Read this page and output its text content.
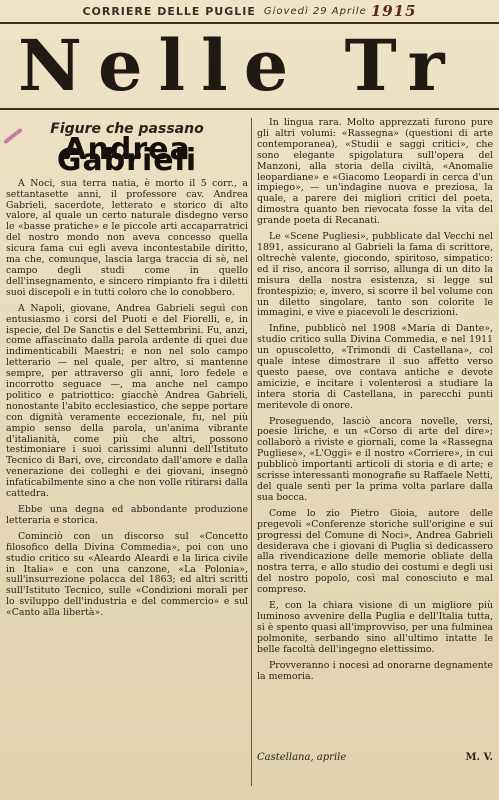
CORRIERE DELLE PUGLIE Giovedì 29 Aprile 1915
Nelle Tr
Figure che passano
Andrea Gabrieli

A Noci, sua terra natia, è morto il 5 corr., a settantasette anni, il professore cav. Andrea Gabrieli, sacerdote, letterato e storico di alto valore, al quale un certo naturale disdegno verso le «basse pratiche» e le piccole arti accaparratrici del nostro mondo non aveva concesso quella sicura fama cui egli aveva incontestabile diritto, ma che, comunque, lascia larga traccia di sè, nel campo degli studi come in quello dell'insegnamento, e sincero rimpianto fra i diletti suoi discepoli e in tutti coloro che lo conobbero.

A Napoli, giovane, Andrea Gabrieli seguì con entusiasmo i corsi del Puoti e del Fiorelli, e, in ispecie, del De Sanctis e del Settembrini. Fu, anzi, come affascinato dalla parola ardente di quei due indimenticabili Maestri; e non nel solo campo letterario — nel quale, per altro, si mantenne sempre, per attraverso gli anni, loro fedele e incorrotto seguace —, ma anche nel campo politico e patriottico: giacchè Andrea Gabrieli, nonostante l'abito ecclesiastico, che seppe portare con dignità veramente eccezionale, fu, nel più ampio senso della parola, un'anima vibrante d'italianità, come più che altri, possono testimoniare i suoi carissimi alunni dell'Istituto Tecnico di Bari, ove, circondato dall'amore e dalla venerazione dei colleghi e dei giovani, insegnò infaticabilmente sino a che non volle ritirarsi dalla cattedra.

Ebbe una degna ed abbondante produzione letteraria e storica.

Cominciò con un discorso sul «Concetto filosofico della Divina Commedia», poi con uno studio critico su «Aleardo Aleardi e la lirica civile in Italia» e con una canzone, «La Polonia», sull'insurrezione polacca del 1863; ed altri scritti sull'Istituto Tecnico, sulle «Condizioni morali per lo sviluppo dell'industria e del commercio» e sul «Canto alla libertà».

In lingua rara. Molto apprezzati furono pure gli altri volumi: «Rassegna» (questioni di arte contemporanea), «Studii e saggi critici», che sono elegante spigolatura sull'opera del Manzoni, alla storia della civiltà, «Anomalie leopardiane» e «Giacomo Leopardi in cerca d'un impiego», — un'indagine nuova e preziosa, la quale, a parere dei migliori critici del poeta, dimostra quanto ben rievocata fosse la vita del grande poeta di Recanati.

Le «Scene Pugliesi», pubblicate dal Vecchi nel 1891, assicurano al Gabrieli la fama di scrittore, oltrechè valente, giocondo, spiritoso, simpatico: ed il riso, ancora il sorriso, allunga di un dito la misura della nostra esistenza, si legge sul frontespizio; e, invero, si scorre il bel volume con un diletto singolare, tanto son colorite le immagini, e vive e piacevoli le descrizioni.

Infine, pubblicò nel 1908 «Maria di Dante», studio critico sulla Divina Commedia, e nel 1911 un opuscoletto, «Trimondi di Castellana», col quale intese dimostrare il suo affetto verso questo paese, ove contava antiche e devote amicizie, e incitare i volenterosi a studiare la intera storia di Castellana, in parecchi punti meritevole di onore.

Proseguendo, lasciò ancora novelle, versi, poesie liriche, e un «Corso di arte del dire»; collaborò a riviste e giornali, come la «Rassegna Pugliese», «L'Oggi» e il nostro «Corriere», in cui pubblicò importanti articoli di storia e di arte; e scrisse interessanti monografie su Raffaele Netti, del quale sentì per la prima volta parlare dalla sua bocca.

Come lo zio Pietro Gioia, autore delle pregevoli «Conferenze storiche sull'origine e sui progressi del Comune di Noci», Andrea Gabrieli desiderava che i giovani di Puglia si dedicassero alla rivendicazione delle memorie obliate della nostra terra, e allo studio dei costumi e degli usi del nostro popolo, così mal conosciuto e mal compreso.

E, con la chiara visione di un migliore più luminoso avvenire della Puglia e dell'Italia tutta, si è spento quasi all'improvviso, per una fulminea polmonite, serbando sino all'ultimo intatte le belle facoltà dell'ingegno elettissimo.

Provveranno i nocesi ad onorarne degnamente la memoria.

Castellana, aprile	M. V.
